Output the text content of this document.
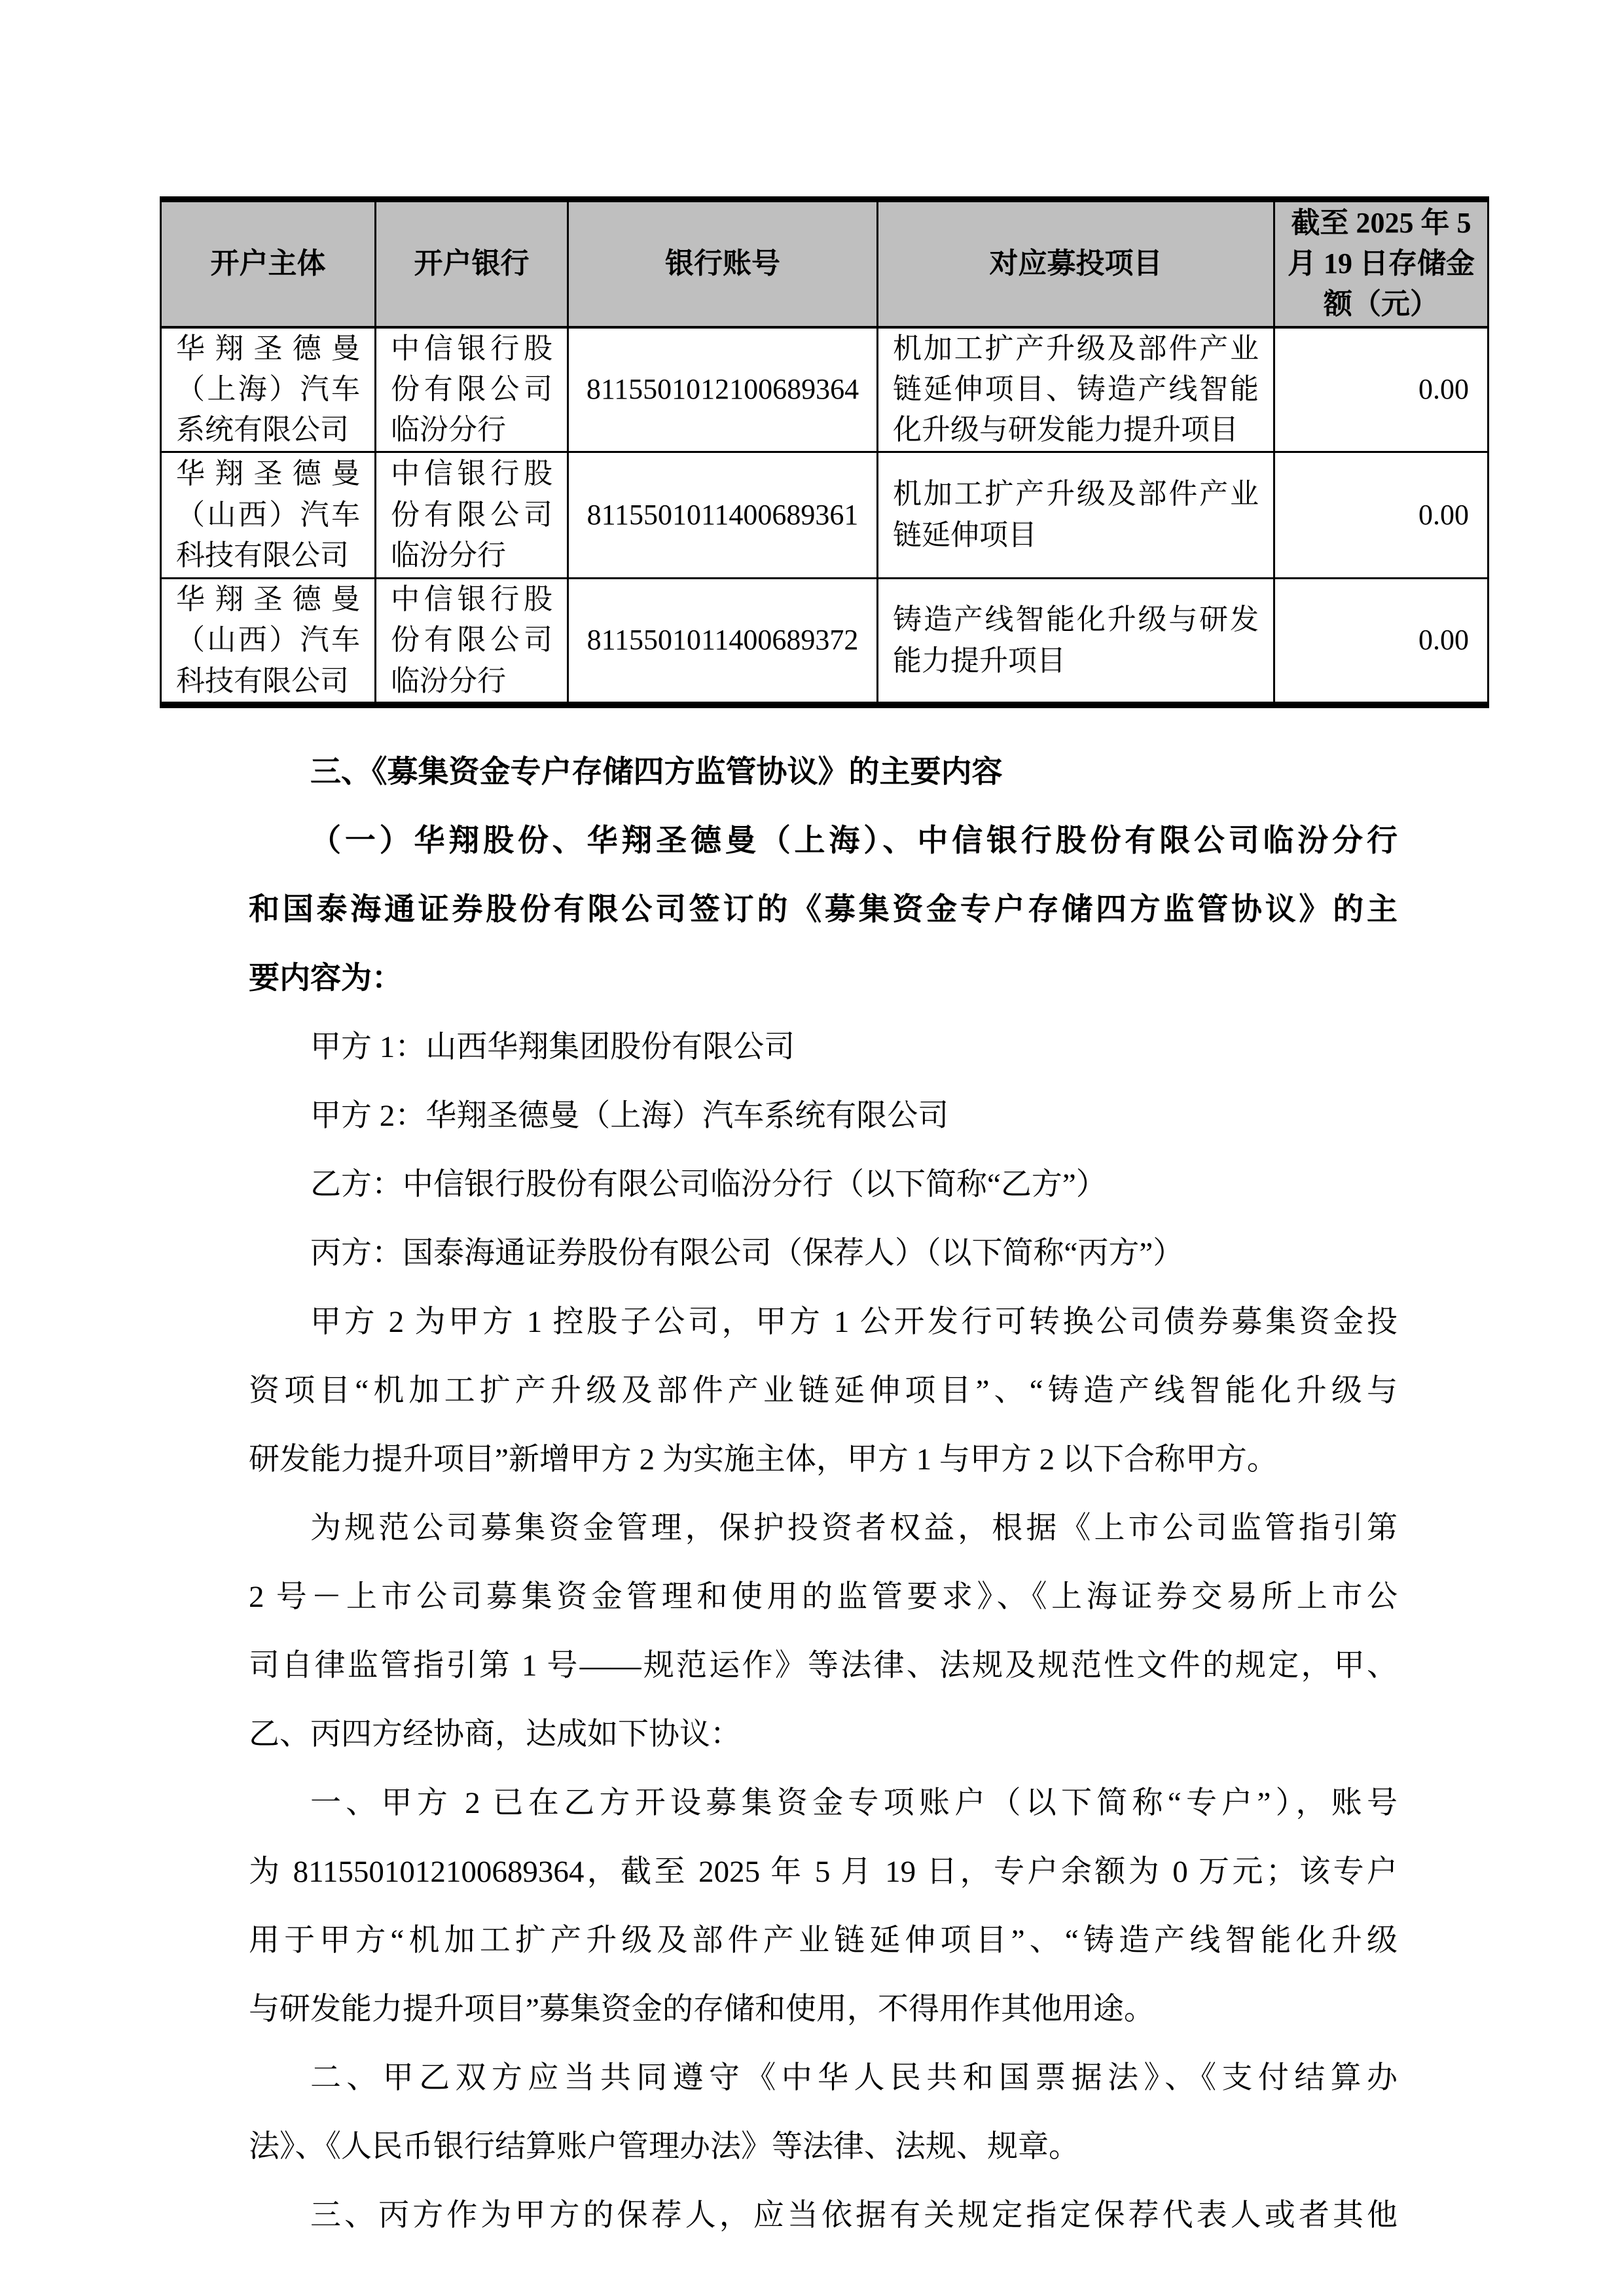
开户主体	开户银行	银行账号	对应募投项目	截至 2025 年 5 月 19 日存储金额（元）
华翔圣德曼（上海）汽车系统有限公司	中信银行股份有限公司临汾分行	8115501012100689364	机加工扩产升级及部件产业链延伸项目、铸造产线智能化升级与研发能力提升项目	0.00
华翔圣德曼（山西）汽车科技有限公司	中信银行股份有限公司临汾分行	8115501011400689361	机加工扩产升级及部件产业链延伸项目	0.00
华翔圣德曼（山西）汽车科技有限公司	中信银行股份有限公司临汾分行	8115501011400689372	铸造产线智能化升级与研发能力提升项目	0.00
三、《募集资金专户存储四方监管协议》的主要内容
（一）华翔股份、华翔圣德曼（上海）、中信银行股份有限公司临汾分行
和国泰海通证券股份有限公司签订的《募集资金专户存储四方监管协议》的主
要内容为：
甲方 1：山西华翔集团股份有限公司
甲方 2：华翔圣德曼（上海）汽车系统有限公司
乙方：中信银行股份有限公司临汾分行（以下简称“乙方”）
丙方：国泰海通证券股份有限公司（保荐人）（以下简称“丙方”）
甲方 2 为甲方 1 控股子公司，甲方 1 公开发行可转换公司债券募集资金投
资项目“机加工扩产升级及部件产业链延伸项目”、“铸造产线智能化升级与
研发能力提升项目”新增甲方 2 为实施主体，甲方 1 与甲方 2 以下合称甲方。
为规范公司募集资金管理，保护投资者权益，根据《上市公司监管指引第
2 号－上市公司募集资金管理和使用的监管要求》、《上海证券交易所上市公
司自律监管指引第 1 号——规范运作》等法律、法规及规范性文件的规定，甲、
乙、丙四方经协商，达成如下协议：
一、甲方 2 已在乙方开设募集资金专项账户（以下简称“专户”），账号
为 8115501012100689364，截至 2025 年 5 月 19 日，专户余额为 0 万元；该专户
用于甲方“机加工扩产升级及部件产业链延伸项目”、“铸造产线智能化升级
与研发能力提升项目”募集资金的存储和使用，不得用作其他用途。
二、甲乙双方应当共同遵守《中华人民共和国票据法》、《支付结算办
法》、《人民币银行结算账户管理办法》等法律、法规、规章。
三、丙方作为甲方的保荐人，应当依据有关规定指定保荐代表人或者其他
